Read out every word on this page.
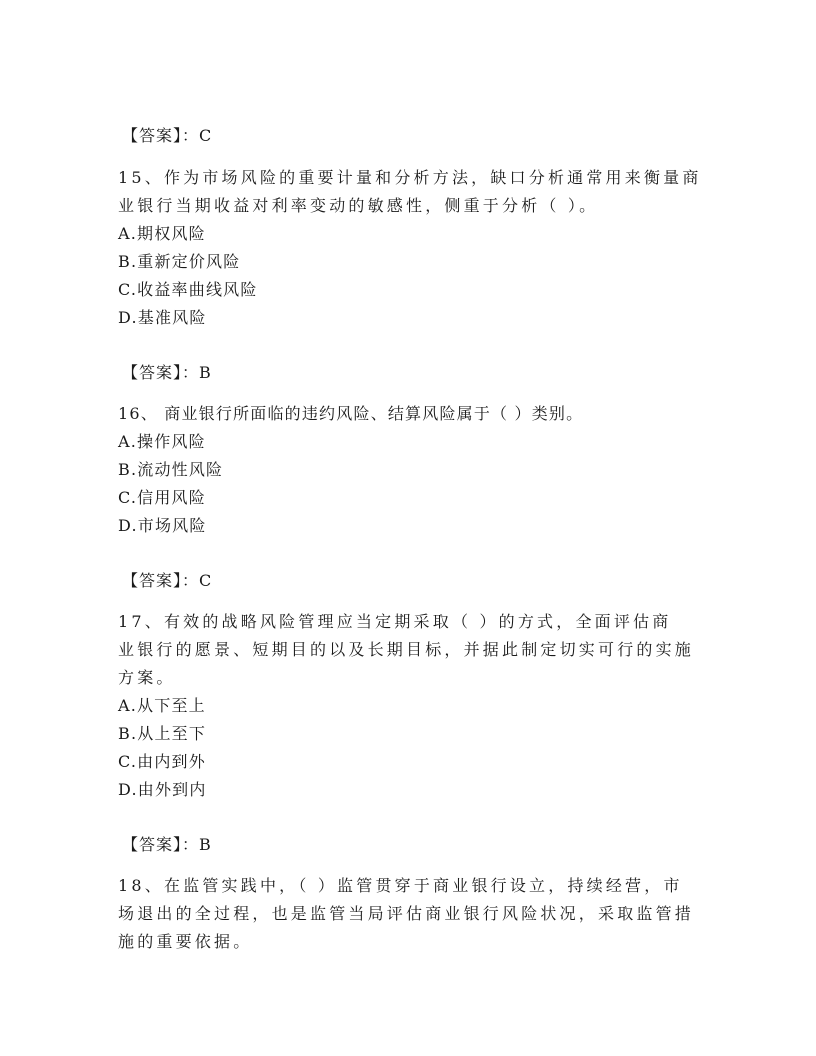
【答案】：C
15、作为市场风险的重要计量和分析方法，缺口分析通常用来衡量商
业银行当期收益对利率变动的敏感性，侧重于分析（ ）。
A.期权风险
B.重新定价风险
C.收益率曲线风险
D.基准风险
【答案】：B
16、 商业银行所面临的违约风险、结算风险属于（ ）类别。
A.操作风险
B.流动性风险
C.信用风险
D.市场风险
【答案】：C
17、有效的战略风险管理应当定期采取（ ）的方式，全面评估商
业银行的愿景、短期目的以及长期目标，并据此制定切实可行的实施
方案。
A.从下至上
B.从上至下
C.由内到外
D.由外到内
【答案】：B
18、在监管实践中，（ ）监管贯穿于商业银行设立，持续经营，市
场退出的全过程，也是监管当局评估商业银行风险状况，采取监管措
施的重要依据。
